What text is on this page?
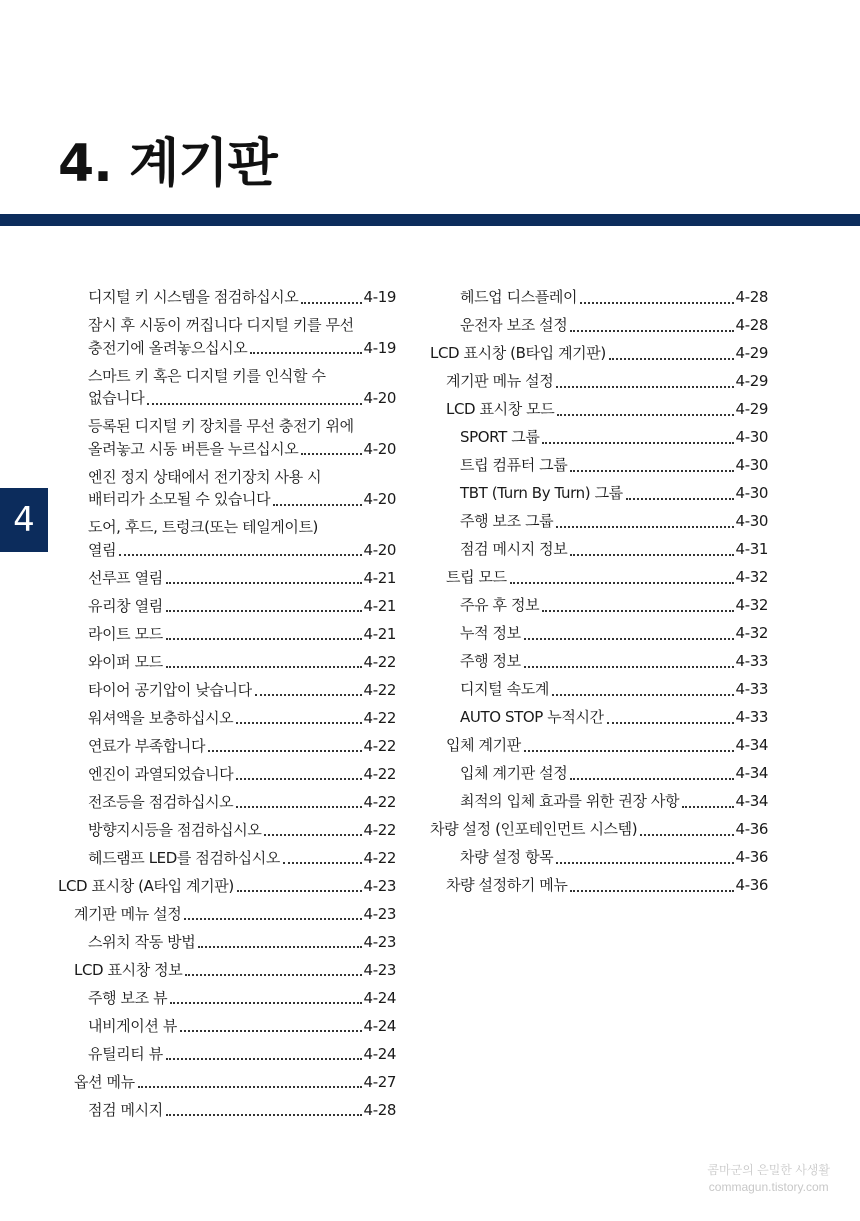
4. 계기판
4
디지털 키 시스템을 점검하십시오	4-19
잠시 후 시동이 꺼집니다 디지털 키를 무선
충전기에 올려놓으십시오	4-19
스마트 키 혹은 디지털 키를 인식할 수
없습니다	4-20
등록된 디지털 키 장치를 무선 충전기 위에
올려놓고 시동 버튼을 누르십시오	4-20
엔진 정지 상태에서 전기장치 사용 시
배터리가 소모될 수 있습니다	4-20
도어, 후드, 트렁크(또는 테일게이트)
열림	4-20
선루프 열림	4-21
유리창 열림	4-21
라이트 모드	4-21
와이퍼 모드	4-22
타이어 공기압이 낮습니다	4-22
워셔액을 보충하십시오	4-22
연료가 부족합니다	4-22
엔진이 과열되었습니다	4-22
전조등을 점검하십시오	4-22
방향지시등을 점검하십시오	4-22
헤드램프 LED를 점검하십시오	4-22
LCD 표시창 (A타입 계기판)	4-23
계기판 메뉴 설정	4-23
스위치 작동 방법	4-23
LCD 표시창 정보	4-23
주행 보조 뷰	4-24
내비게이션 뷰	4-24
유틸리티 뷰	4-24
옵션 메뉴	4-27
점검 메시지	4-28
헤드업 디스플레이	4-28
운전자 보조 설정	4-28
LCD 표시창 (B타입 계기판)	4-29
계기판 메뉴 설정	4-29
LCD 표시창 모드	4-29
SPORT 그룹	4-30
트립 컴퓨터 그룹	4-30
TBT (Turn By Turn) 그룹	4-30
주행 보조 그룹	4-30
점검 메시지 정보	4-31
트립 모드	4-32
주유 후 정보	4-32
누적 정보	4-32
주행 정보	4-33
디지털 속도계	4-33
AUTO STOP 누적시간	4-33
입체 계기판	4-34
입체 계기판 설정	4-34
최적의 입체 효과를 위한 권장 사항	4-34
차량 설정 (인포테인먼트 시스템)	4-36
차량 설정 항목	4-36
차량 설정하기 메뉴	4-36
콤마군의 은밀한 사생활
commagun.tistory.com
